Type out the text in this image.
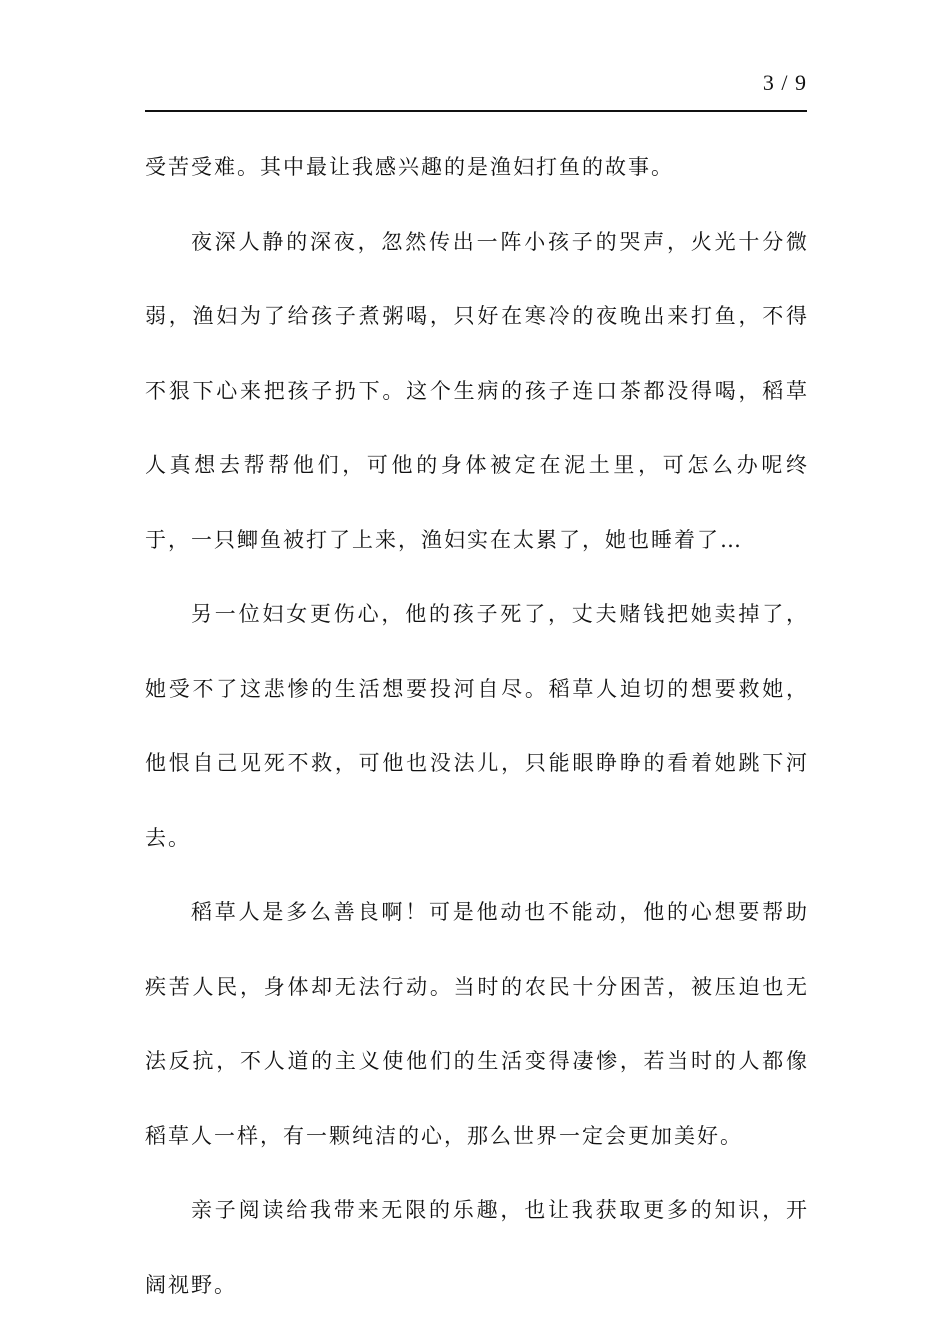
3 / 9

受苦受难。其中最让我感兴趣的是渔妇打鱼的故事。

夜深人静的深夜，忽然传出一阵小孩子的哭声，火光十分微弱，渔妇为了给孩子煮粥喝，只好在寒冷的夜晚出来打鱼，不得不狠下心来把孩子扔下。这个生病的孩子连口茶都没得喝，稻草人真想去帮帮他们，可他的身体被定在泥土里，可怎么办呢终于，一只鲫鱼被打了上来，渔妇实在太累了，她也睡着了…

另一位妇女更伤心，他的孩子死了，丈夫赌钱把她卖掉了，她受不了这悲惨的生活想要投河自尽。稻草人迫切的想要救她，他恨自己见死不救，可他也没法儿，只能眼睁睁的看着她跳下河去。

稻草人是多么善良啊！可是他动也不能动，他的心想要帮助疾苦人民，身体却无法行动。当时的农民十分困苦，被压迫也无法反抗，不人道的主义使他们的生活变得凄惨，若当时的人都像稻草人一样，有一颗纯洁的心，那么世界一定会更加美好。

亲子阅读给我带来无限的乐趣，也让我获取更多的知识，开阔视野。
